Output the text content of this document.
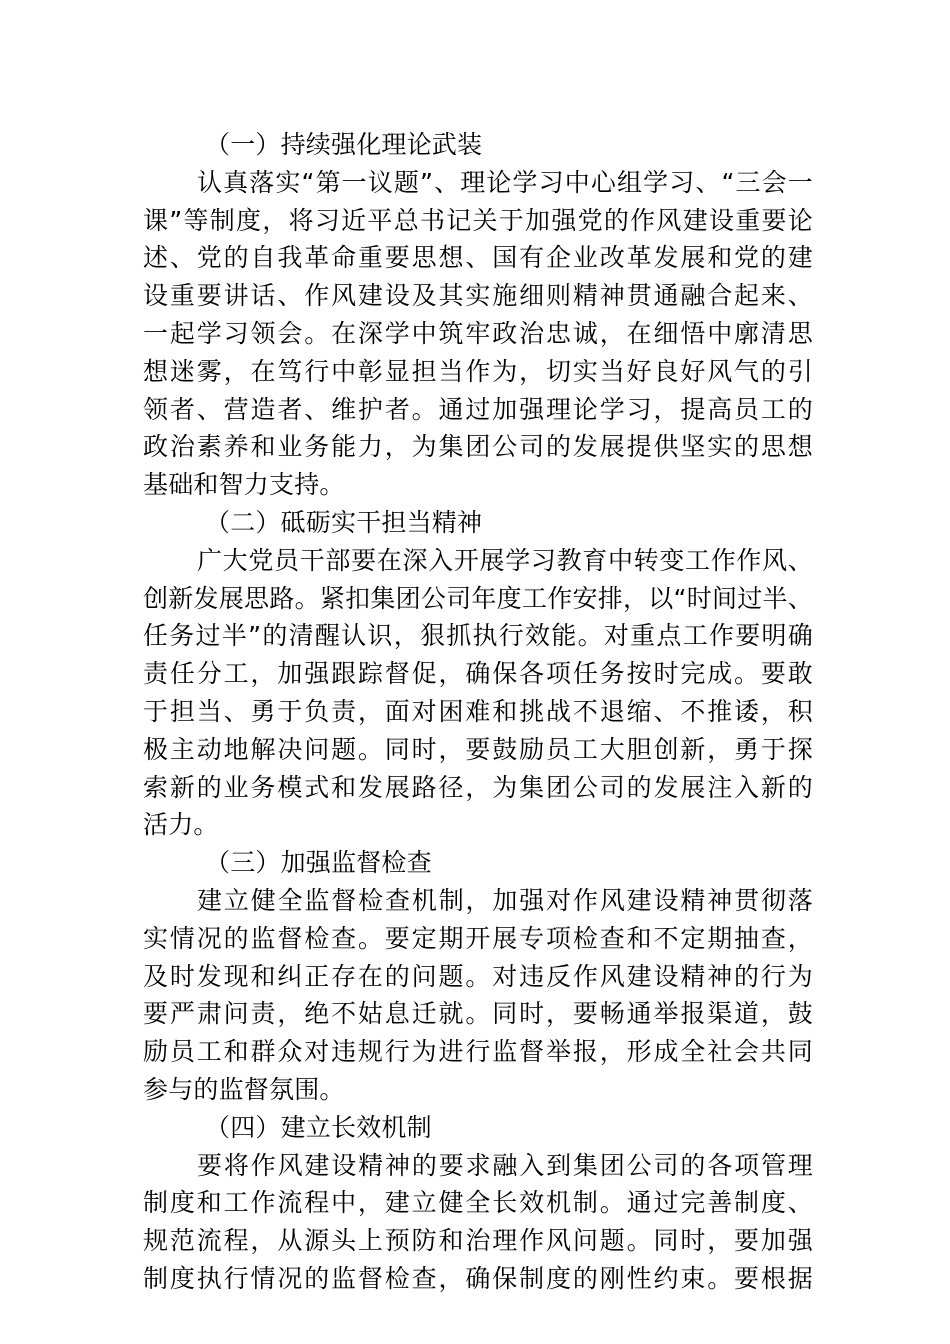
（一）持续强化理论武装
认真落实“第一议题”、理论学习中心组学习、“三会一
课”等制度，将习近平总书记关于加强党的作风建设重要论
述、党的自我革命重要思想、国有企业改革发展和党的建
设重要讲话、作风建设及其实施细则精神贯通融合起来、
一起学习领会。在深学中筑牢政治忠诚，在细悟中廓清思
想迷雾，在笃行中彰显担当作为，切实当好良好风气的引
领者、营造者、维护者。通过加强理论学习，提高员工的
政治素养和业务能力，为集团公司的发展提供坚实的思想
基础和智力支持。
（二）砥砺实干担当精神
广大党员干部要在深入开展学习教育中转变工作作风、
创新发展思路。紧扣集团公司年度工作安排，以“时间过半、
任务过半”的清醒认识，狠抓执行效能。对重点工作要明确
责任分工，加强跟踪督促，确保各项任务按时完成。要敢
于担当、勇于负责，面对困难和挑战不退缩、不推诿，积
极主动地解决问题。同时，要鼓励员工大胆创新，勇于探
索新的业务模式和发展路径，为集团公司的发展注入新的
活力。
（三）加强监督检查
建立健全监督检查机制，加强对作风建设精神贯彻落
实情况的监督检查。要定期开展专项检查和不定期抽查，
及时发现和纠正存在的问题。对违反作风建设精神的行为
要严肃问责，绝不姑息迁就。同时，要畅通举报渠道，鼓
励员工和群众对违规行为进行监督举报，形成全社会共同
参与的监督氛围。
（四）建立长效机制
要将作风建设精神的要求融入到集团公司的各项管理
制度和工作流程中，建立健全长效机制。通过完善制度、
规范流程，从源头上预防和治理作风问题。同时，要加强
制度执行情况的监督检查，确保制度的刚性约束。要根据
